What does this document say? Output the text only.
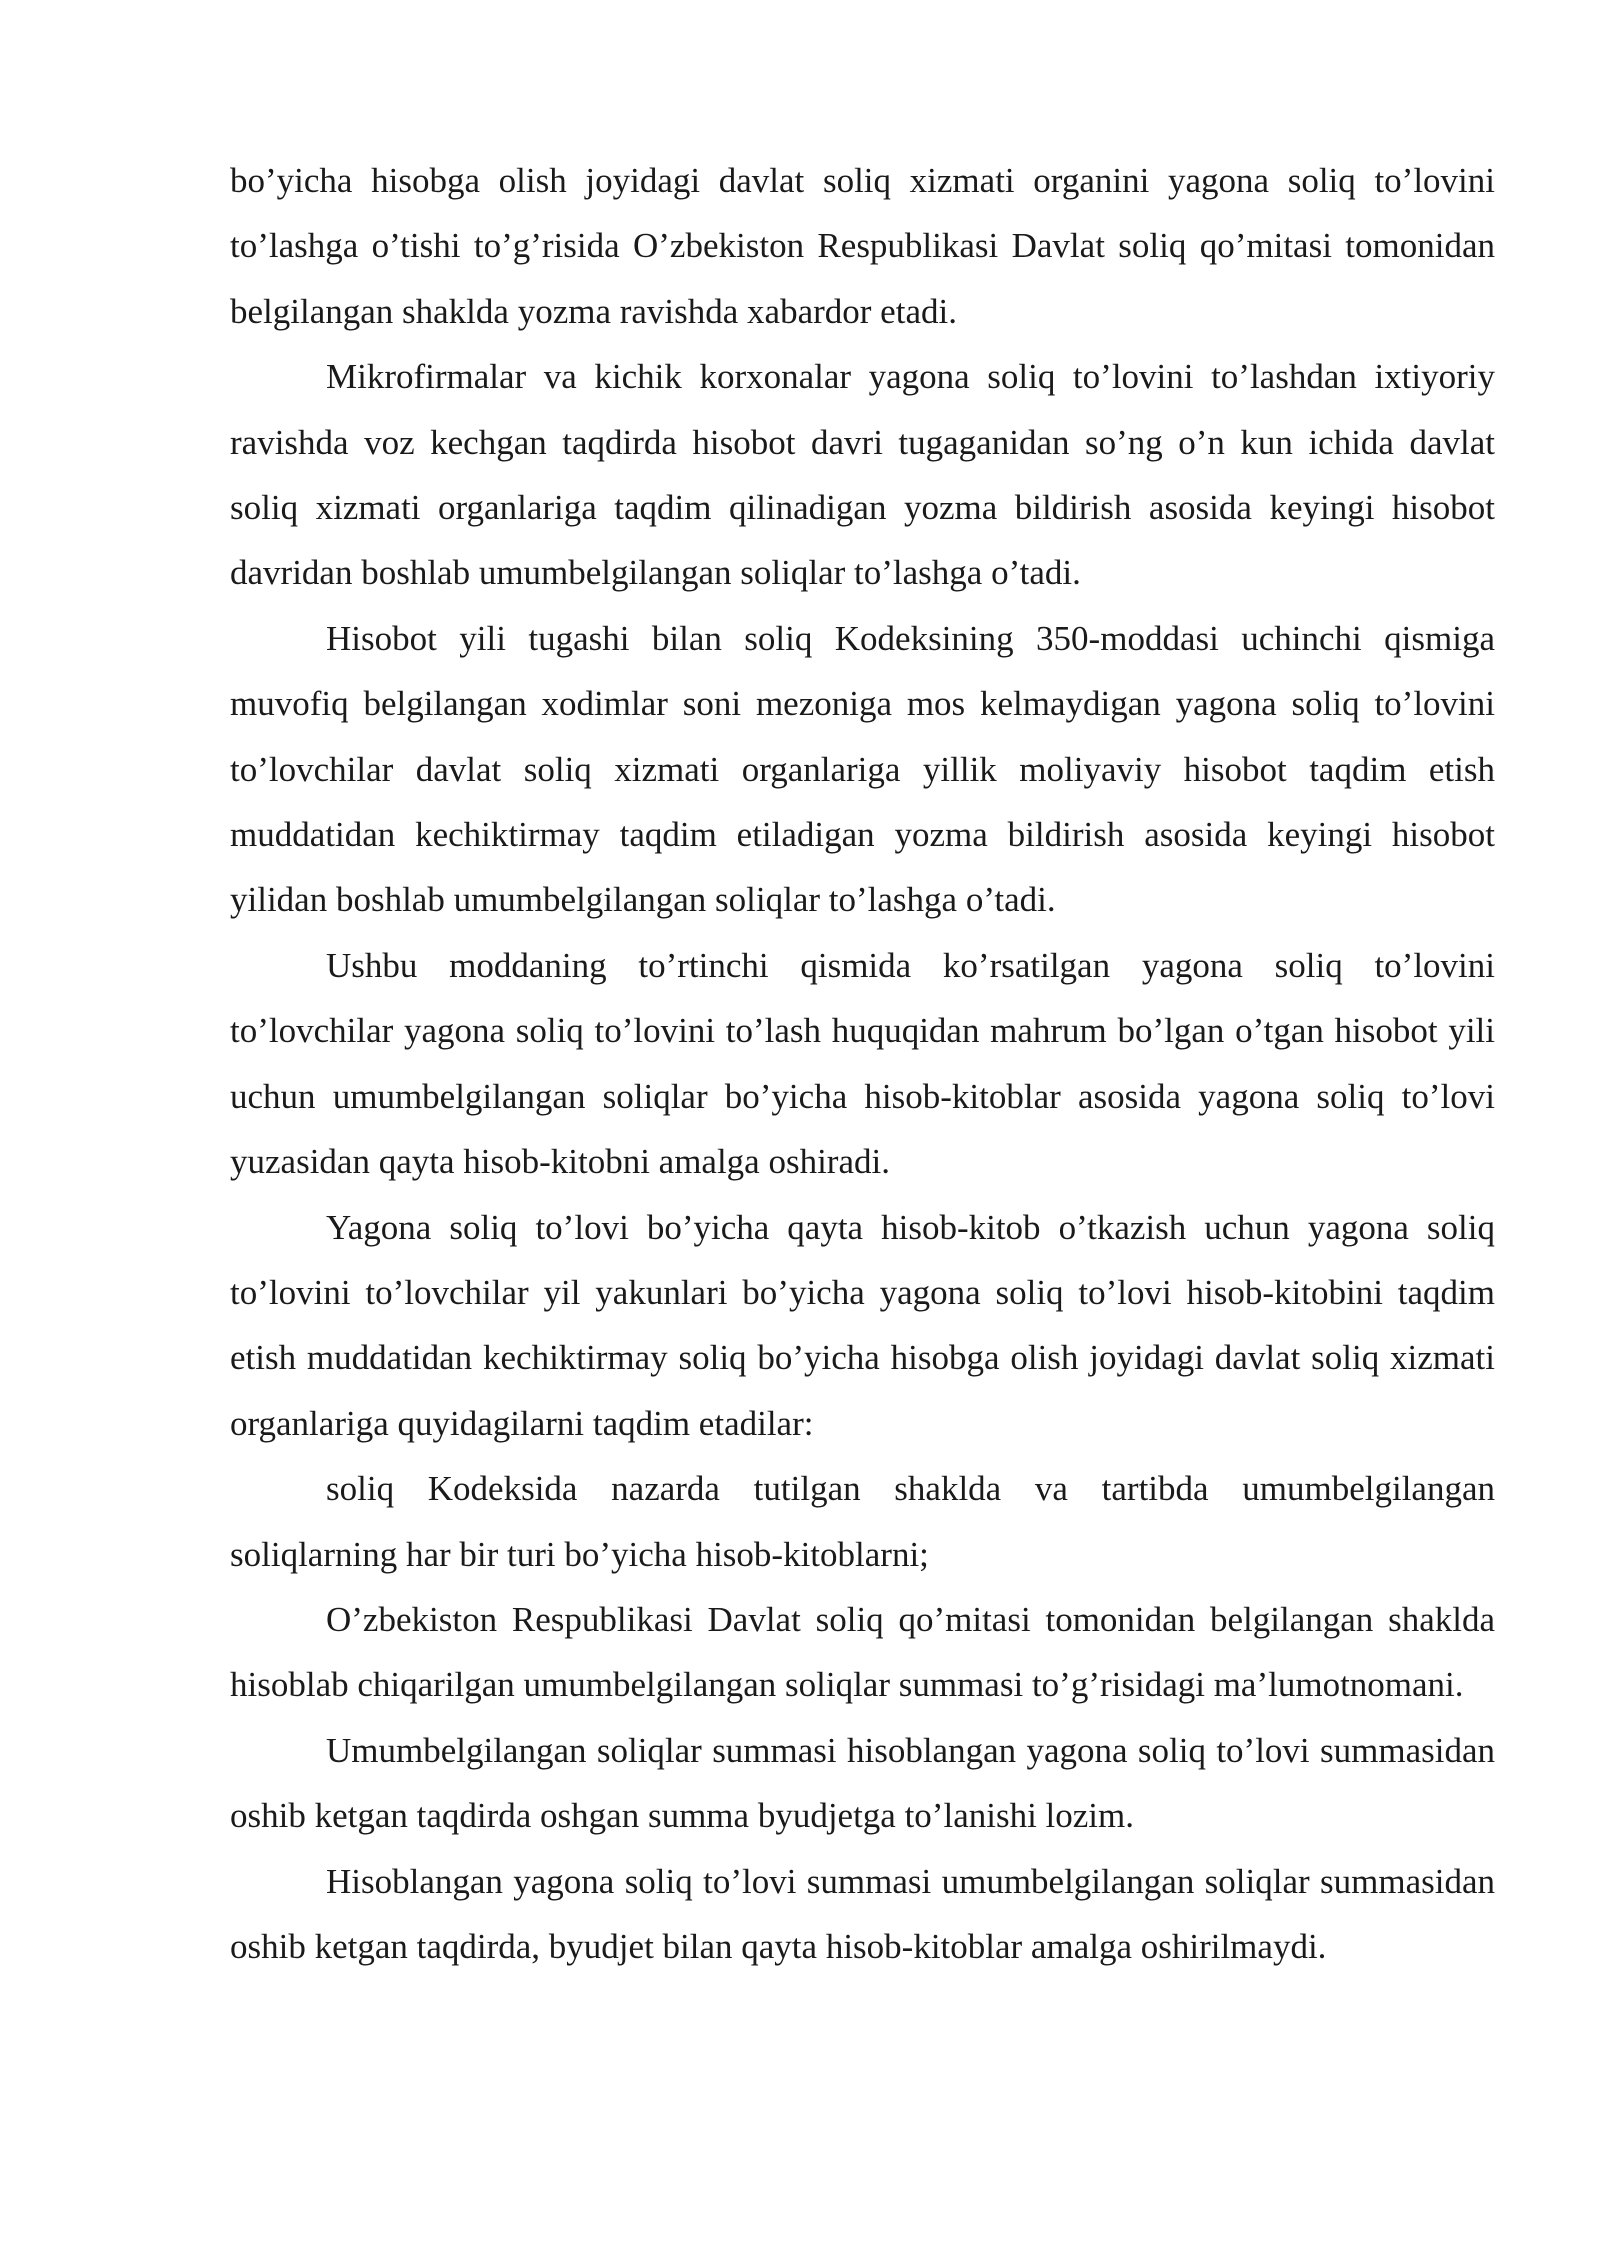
bo’yicha hisobga olish joyidagi davlat soliq xizmati organini yagona soliq to’lovini to’lashga o’tishi to’g’risida O’zbekiston Respublikasi Davlat soliq qo’mitasi tomonidan belgilangan shaklda yozma ravishda xabardor etadi.

Mikrofirmalar va kichik korxonalar yagona soliq to’lovini to’lashdan ixtiyoriy ravishda voz kechgan taqdirda hisobot davri tugaganidan so’ng o’n kun ichida davlat soliq xizmati organlariga taqdim qilinadigan yozma bildirish asosida keyingi hisobot davridan boshlab umumbelgilangan soliqlar to’lashga o’tadi.

Hisobot yili tugashi bilan soliq Kodeksining 350-moddasi uchinchi qismiga muvofiq belgilangan xodimlar soni mezoniga mos kelmaydigan yagona soliq to’lovini to’lovchilar davlat soliq xizmati organlariga yillik moliyaviy hisobot taqdim etish muddatidan kechiktirmay taqdim etiladigan yozma bildirish asosida keyingi hisobot yilidan boshlab umumbelgilangan soliqlar to’lashga o’tadi.

Ushbu moddaning to’rtinchi qismida ko’rsatilgan yagona soliq to’lovini to’lovchilar yagona soliq to’lovini to’lash huquqidan mahrum bo’lgan o’tgan hisobot yili uchun umumbelgilangan soliqlar bo’yicha hisob-kitoblar asosida yagona soliq to’lovi yuzasidan qayta hisob-kitobni amalga oshiradi.

Yagona soliq to’lovi bo’yicha qayta hisob-kitob o’tkazish uchun yagona soliq to’lovini to’lovchilar yil yakunlari bo’yicha yagona soliq to’lovi hisob-kitobini taqdim etish muddatidan kechiktirmay soliq bo’yicha hisobga olish joyidagi davlat soliq xizmati organlariga quyidagilarni taqdim etadilar:

soliq Kodeksida nazarda tutilgan shaklda va tartibda umumbelgilangan soliqlarning har bir turi bo’yicha hisob-kitoblarni;

O’zbekiston Respublikasi Davlat soliq qo’mitasi tomonidan belgilangan shaklda hisoblab chiqarilgan umumbelgilangan soliqlar summasi to’g’risidagi ma’lumotnomani.

Umumbelgilangan soliqlar summasi hisoblangan yagona soliq to’lovi summasidan oshib ketgan taqdirda oshgan summa byudjetga to’lanishi lozim.

Hisoblangan yagona soliq to’lovi summasi umumbelgilangan soliqlar summasidan oshib ketgan taqdirda, byudjet bilan qayta hisob-kitoblar amalga oshirilmaydi.
